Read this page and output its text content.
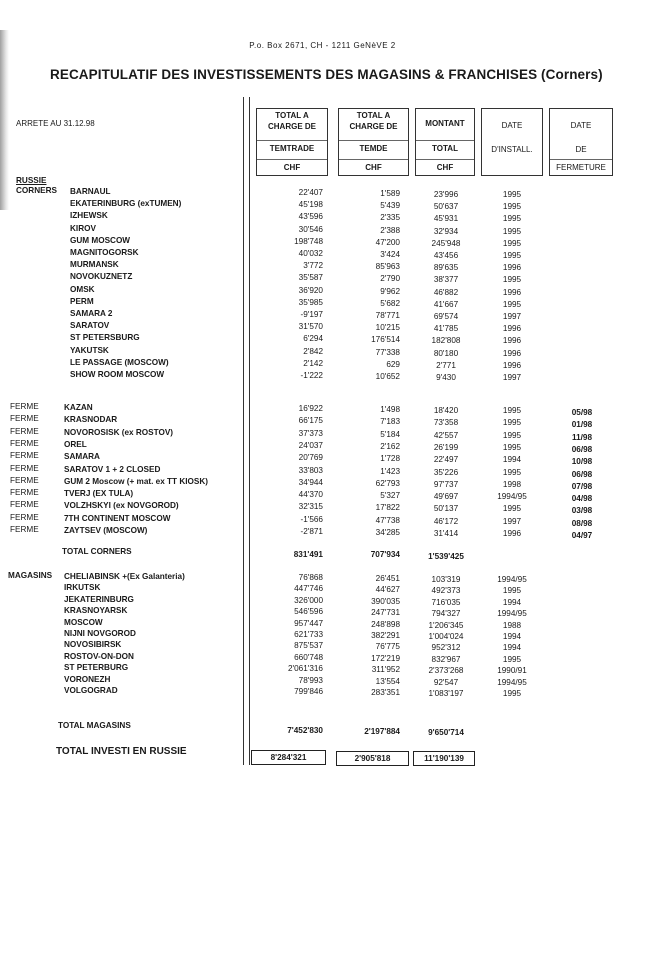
P.o. Box 2671, CH - 1211 GeNèVE 2
RECAPITULATIF DES INVESTISSEMENTS DES MAGASINS & FRANCHISES (Corners)
ARRETE AU 31.12.98
TOTAL A
CHARGE DE
TEMTRADE
CHF
TOTAL A
CHARGE DE
TEMDE
CHF
MONTANT
TOTAL
CHF
DATE
D'INSTALL.
DATE
DE
FERMETURE
RUSSIE
CORNERS BARNAUL	22'407	1'589	23'996	1995
EKATERINBURG (exTUMEN)	45'198	5'439	50'637	1995
IZHEWSK	43'596	2'335	45'931	1995
KIROV	30'546	2'388	32'934	1995
GUM MOSCOW	198'748	47'200	245'948	1995
MAGNITOGORSK	40'032	3'424	43'456	1995
MURMANSK	3'772	85'963	89'635	1996
NOVOKUZNETZ	35'587	2'790	38'377	1995
OMSK	36'920	9'962	46'882	1996
PERM	35'985	5'682	41'667	1995
SAMARA 2	-9'197	78'771	69'574	1997
SARATOV	31'570	10'215	41'785	1996
ST PETERSBURG	6'294	176'514	182'808	1996
YAKUTSK	2'842	77'338	80'180	1996
LE PASSAGE (MOSCOW)	2'142	629	2'771	1996
SHOW ROOM MOSCOW	-1'222	10'652	9'430	1997
FERME	KAZAN	16'922	1'498	18'420	1995	05/98
FERME	KRASNODAR	66'175	7'183	73'358	1995	01/98
FERME	NOVOROSISK (ex ROSTOV)	37'373	5'184	42'557	1995	11/98
FERME	OREL	24'037	2'162	26'199	1995	06/98
FERME	SAMARA	20'769	1'728	22'497	1994	10/98
FERME	SARATOV 1 + 2 CLOSED	33'803	1'423	35'226	1995	06/98
FERME	GUM 2 Moscow (+ mat. ex TT KIOSK)	34'944	62'793	97'737	1998	07/98
FERME	TVERJ (EX TULA)	44'370	5'327	49'697	1994/95	04/98
FERME	VOLZHSKYI (ex NOVGOROD)	32'315	17'822	50'137	1995	03/98
FERME	7TH CONTINENT MOSCOW	-1'566	47'738	46'172	1997	08/98
FERME	ZAYTSEV (MOSCOW)	-2'871	34'285	31'414	1996	04/97
MAGASINS CHELIABINSK +(Ex Galanteria)	76'868	26'451	103'319	1994/95
IRKUTSK	447'746	44'627	492'373	1995
JEKATERINBURG	326'000	390'035	716'035	1994
KRASNOYARSK	546'596	247'731	794'327	1994/95
MOSCOW	957'447	248'898	1'206'345	1988
NIJNI NOVGOROD	621'733	382'291	1'004'024	1994
NOVOSIBIRSK	875'537	76'775	952'312	1994
ROSTOV-ON-DON	660'748	172'219	832'967	1995
ST PETERBURG	2'061'316	311'952	2'373'268	1990/91
VORONEZH	78'993	13'554	92'547	1994/95
VOLGOGRAD	799'846	283'351	1'083'197	1995
TOTAL CORNERS	831'491	707'934	1'539'425
TOTAL MAGASINS
7'452'830	2'197'884	9'650'714
TOTAL INVESTI EN RUSSIE
8'284'321	2'905'818	11'190'139
